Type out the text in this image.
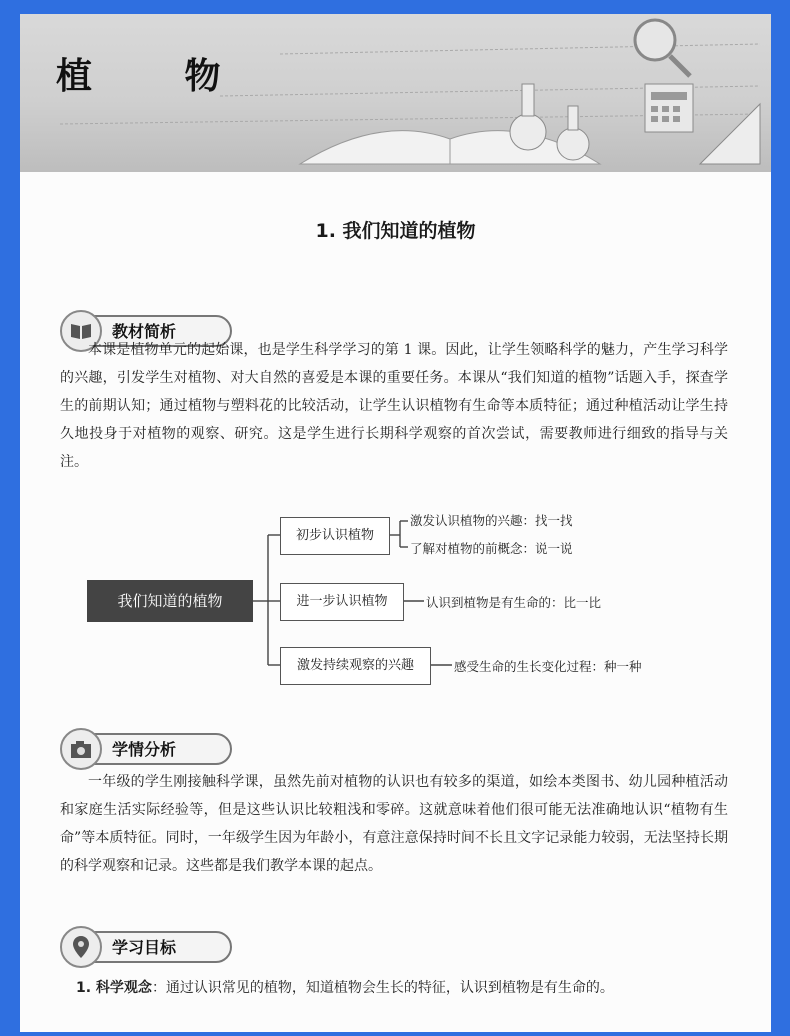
植 物
1. 我们知道的植物
教材简析

本课是植物单元的起始课，也是学生科学学习的第 1 课。因此，让学生领略科学的魅力，产生学习科学的兴趣，引发学生对植物、对大自然的喜爱是本课的重要任务。本课从“我们知道的植物”话题入手，探查学生的前期认知；通过植物与塑料花的比较活动，让学生认识植物有生命等本质特征；通过种植活动让学生持久地投身于对植物的观察、研究。这是学生进行长期科学观察的首次尝试，需要教师进行细致的指导与关注。

我们知道的植物
初步认识植物
进一步认识植物
激发持续观察的兴趣
激发认识植物的兴趣：找一找
了解对植物的前概念：说一说
认识到植物是有生命的：比一比
感受生命的生长变化过程：种一种
学情分析

一年级的学生刚接触科学课，虽然先前对植物的认识也有较多的渠道，如绘本类图书、幼儿园种植活动和家庭生活实际经验等，但是这些认识比较粗浅和零碎。这就意味着他们很可能无法准确地认识“植物有生命”等本质特征。同时，一年级学生因为年龄小，有意注意保持时间不长且文字记录能力较弱，无法坚持长期的科学观察和记录。这些都是我们教学本课的起点。

学习目标
1. 科学观念：通过认识常见的植物，知道植物会生长的特征，认识到植物是有生命的。
